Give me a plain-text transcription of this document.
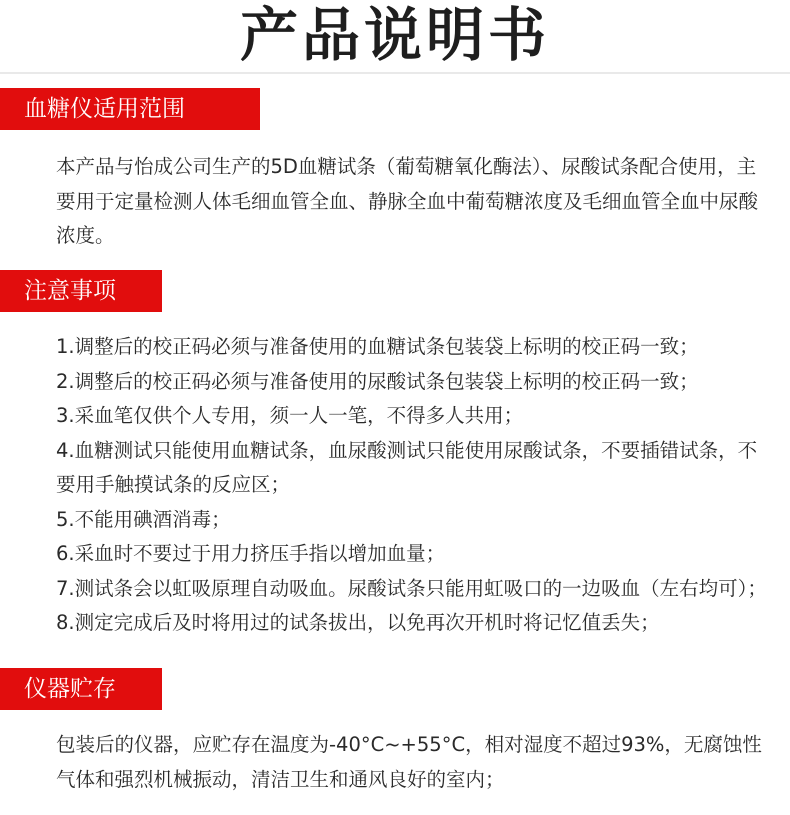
产品说明书
血糖仪适用范围

本产品与怡成公司生产的5D血糖试条（葡萄糖氧化酶法）、尿酸试条配合使用，主要用于定量检测人体毛细血管全血、静脉全血中葡萄糖浓度及毛细血管全血中尿酸浓度。

注意事项
1.调整后的校正码必须与准备使用的血糖试条包装袋上标明的校正码一致；
2.调整后的校正码必须与准备使用的尿酸试条包装袋上标明的校正码一致；
3.采血笔仅供个人专用，须一人一笔，不得多人共用；
4.血糖测试只能使用血糖试条，血尿酸测试只能使用尿酸试条，不要插错试条，不要用手触摸试条的反应区；
5.不能用碘酒消毒；
6.采血时不要过于用力挤压手指以增加血量；
7.测试条会以虹吸原理自动吸血。尿酸试条只能用虹吸口的一边吸血（左右均可）；
8.测定完成后及时将用过的试条拔出，以免再次开机时将记忆值丢失；
仪器贮存

包装后的仪器，应贮存在温度为-40°C~+55°C，相对湿度不超过93%，无腐蚀性气体和强烈机械振动，清洁卫生和通风良好的室内；
